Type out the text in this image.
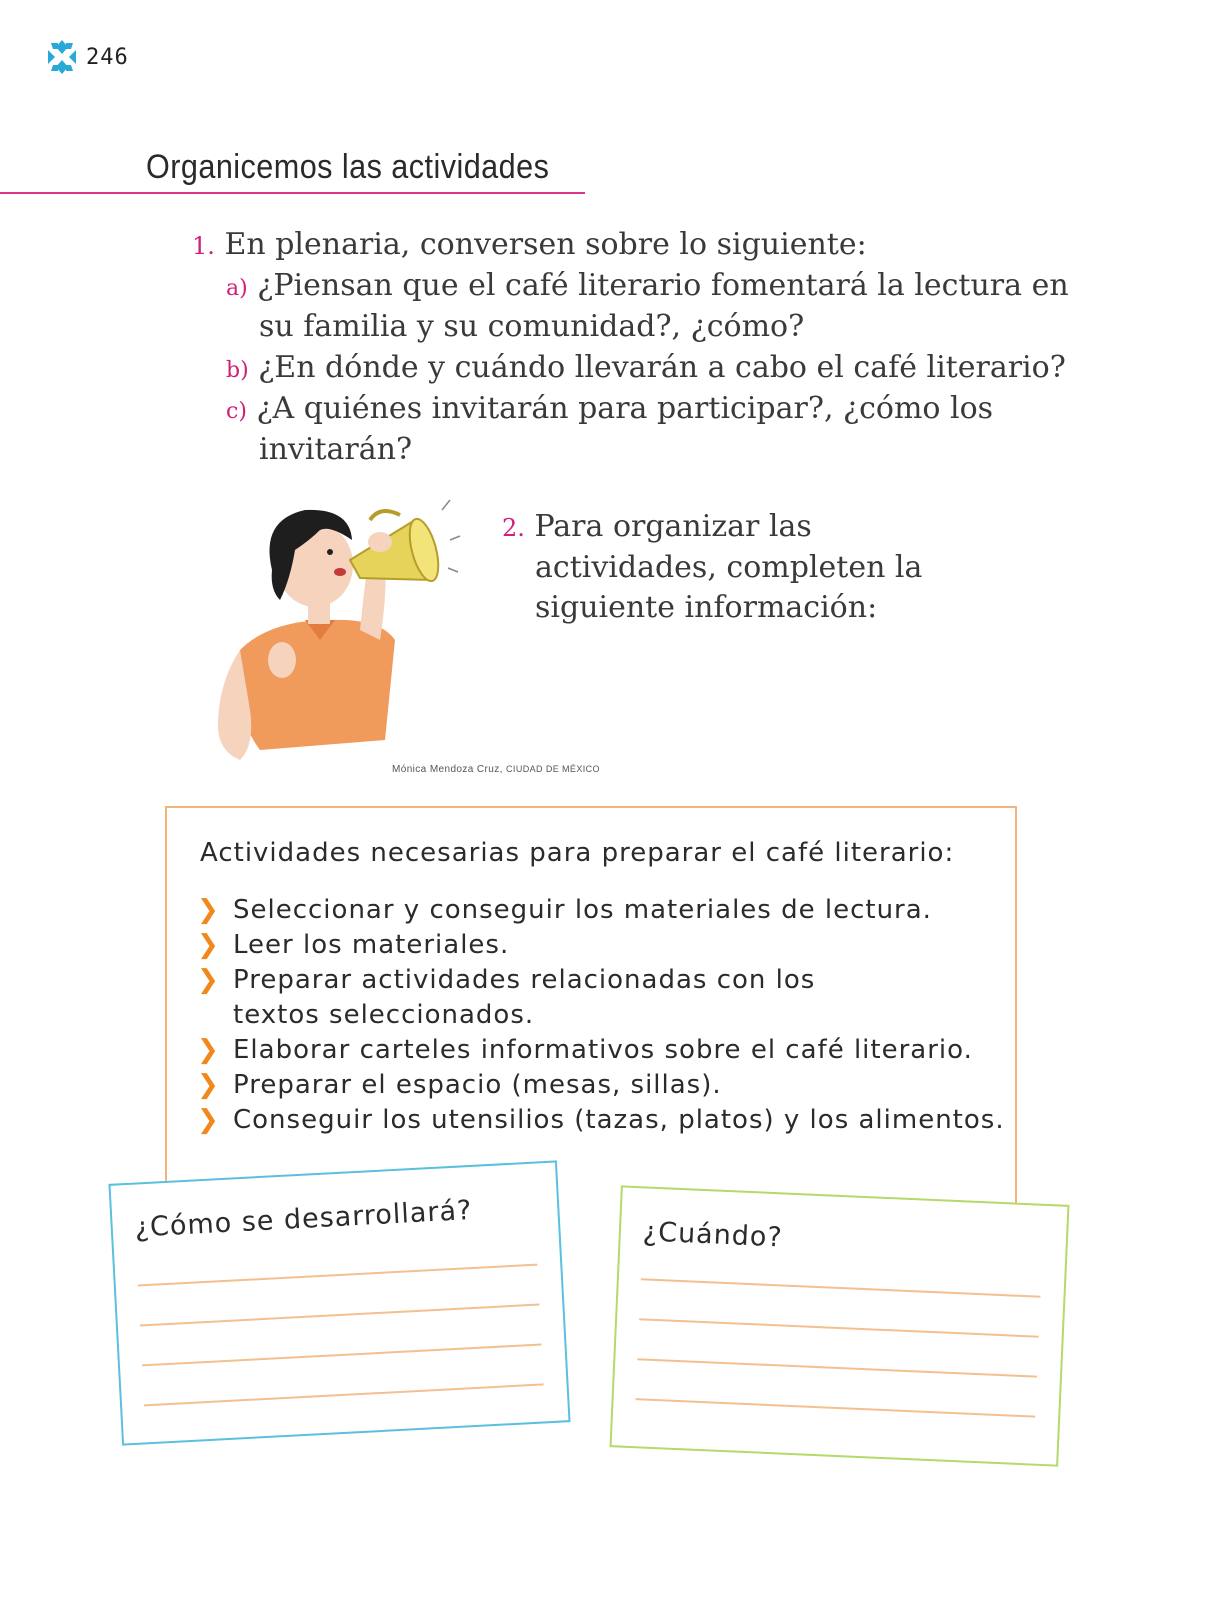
246
Organicemos las actividades
1. En plenaria, conversen sobre lo siguiente:
a) ¿Piensan que el café literario fomentará la lectura en
su familia y su comunidad?, ¿cómo?
b) ¿En dónde y cuándo llevarán a cabo el café literario?
c) ¿A quiénes invitarán para participar?, ¿cómo los
invitarán?
Mónica Mendoza Cruz, CIUDAD DE MÉXICO
2. Para organizar las
actividades, completen la
siguiente información:
Actividades necesarias para preparar el café literario:
❯ Seleccionar y conseguir los materiales de lectura.
❯ Leer los materiales.
❯ Preparar actividades relacionadas con los
textos seleccionados.
❯ Elaborar carteles informativos sobre el café literario.
❯ Preparar el espacio (mesas, sillas).
❯ Conseguir los utensilios (tazas, platos) y los alimentos.
¿Cómo se desarrollará?	¿Cuándo?
